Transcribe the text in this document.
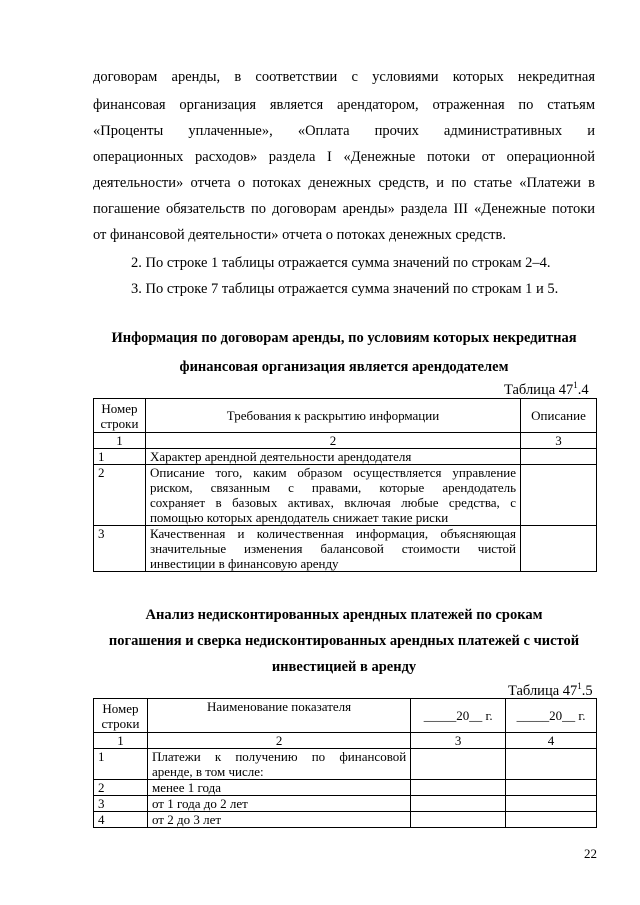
договорам аренды, в соответствии с условиями которых некредитная

финансовая организация является арендатором, отраженная по статьям

«Проценты уплаченные», «Оплата прочих административных и

операционных расходов» раздела I «Денежные потоки от операционной

деятельности» отчета о потоках денежных средств, и по статье «Платежи в

погашение обязательств по договорам аренды» раздела III «Денежные потоки

от финансовой деятельности» отчета о потоках денежных средств.

2. По строке 1 таблицы отражается сумма значений по строкам 2–4.
3. По строке 7 таблицы отражается сумма значений по строкам 1 и 5.

Информация по договорам аренды, по условиям которых некредитная

финансовая организация является арендодателем

Таблица $47^1.4$
Номер строки	Требования к раскрытию информации	Описание
1	2	3
1	Характер арендной деятельности арендодателя	

2	Описание того, каким образом осуществляется управление
риском, связанным с правами, которые арендодатель
сохраняет в базовых активах, включая любые средства, с
помощью которых арендодатель снижает такие риски	

3	Качественная и количественная информация, объясняющая
значительные изменения балансовой стоимости чистой
инвестиции в финансовую аренду	

Анализ недисконтированных арендных платежей по срокам

погашения и сверка недисконтированных арендных платежей с чистой

инвестицией в аренду

Таблица $47^1.5$
Номер строки	Наименование показателя	_____20__ г.	_____20__ г.
1	2	3	4
1	Платежи к получению по финансовой
аренде, в том числе:		

2	менее 1 года		
3	от 1 года до 2 лет		
4	от 2 до 3 лет		
22
